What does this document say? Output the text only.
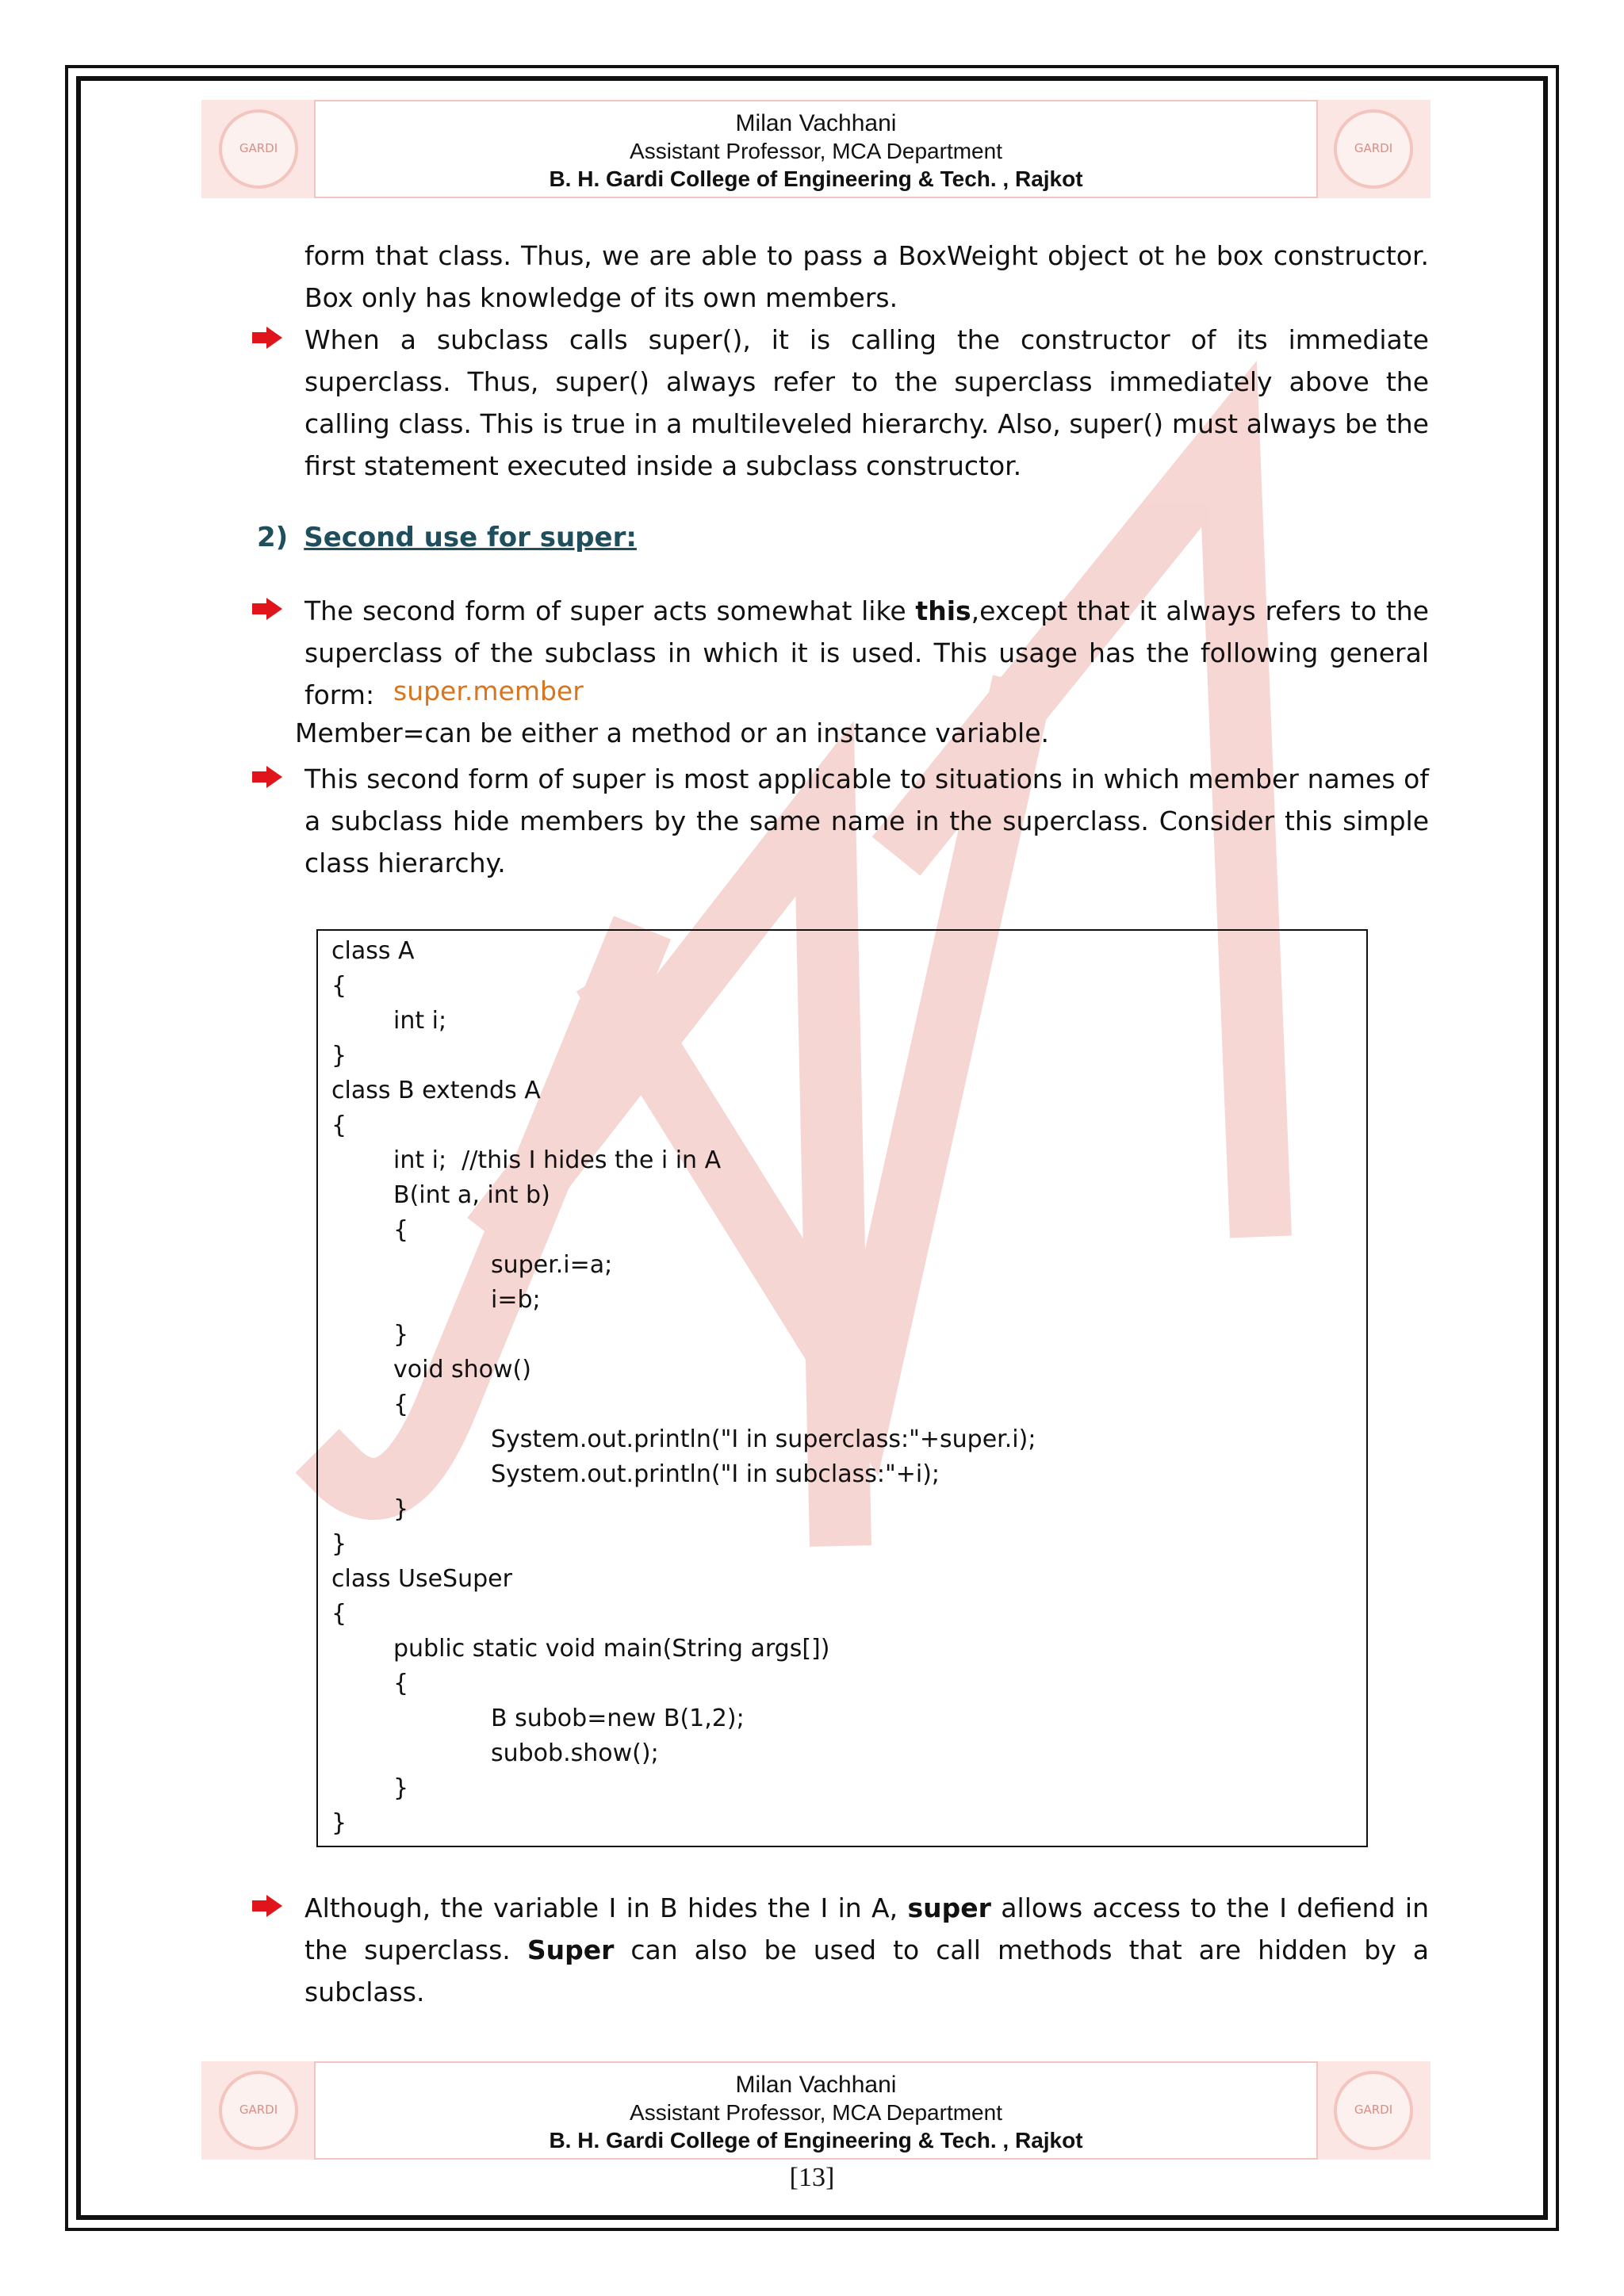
GARDI
Milan Vachhani
Assistant Professor, MCA Department
B. H. Gardi College of Engineering & Tech. , Rajkot
GARDI
form that class. Thus, we are able to pass a BoxWeight object ot he box constructor. Box only has knowledge of its own members.
When a subclass calls super(), it is calling the constructor of its immediate superclass. Thus, super() always refer to the superclass immediately above the calling class. This is true in a multileveled hierarchy. Also, super() must always be the first statement executed inside a subclass constructor.
2) Second use for super:
The second form of super acts somewhat like this,except that it always refers to the superclass of the subclass in which it is used. This usage has the following general form: super.member
Member=can be either a method or an instance variable.
This second form of super is most applicable to situations in which member names of a subclass hide members by the same name in the superclass. Consider this simple class hierarchy.
class A
{
int i;
}
class B extends A
{
int i;  //this I hides the i in A
B(int a, int b)
{
super.i=a;
i=b;
}
void show()
{
System.out.println("I in superclass:"+super.i);
System.out.println("I in subclass:"+i);
}
}
class UseSuper
{
public static void main(String args[])
{
B subob=new B(1,2);
subob.show();
}
}
Although, the variable I in B hides the I in A, super allows access to the I defiend in the superclass. Super can also be used to call methods that are hidden by a subclass.
GARDI
Milan Vachhani
Assistant Professor, MCA Department
B. H. Gardi College of Engineering & Tech. , Rajkot
GARDI
[13]
